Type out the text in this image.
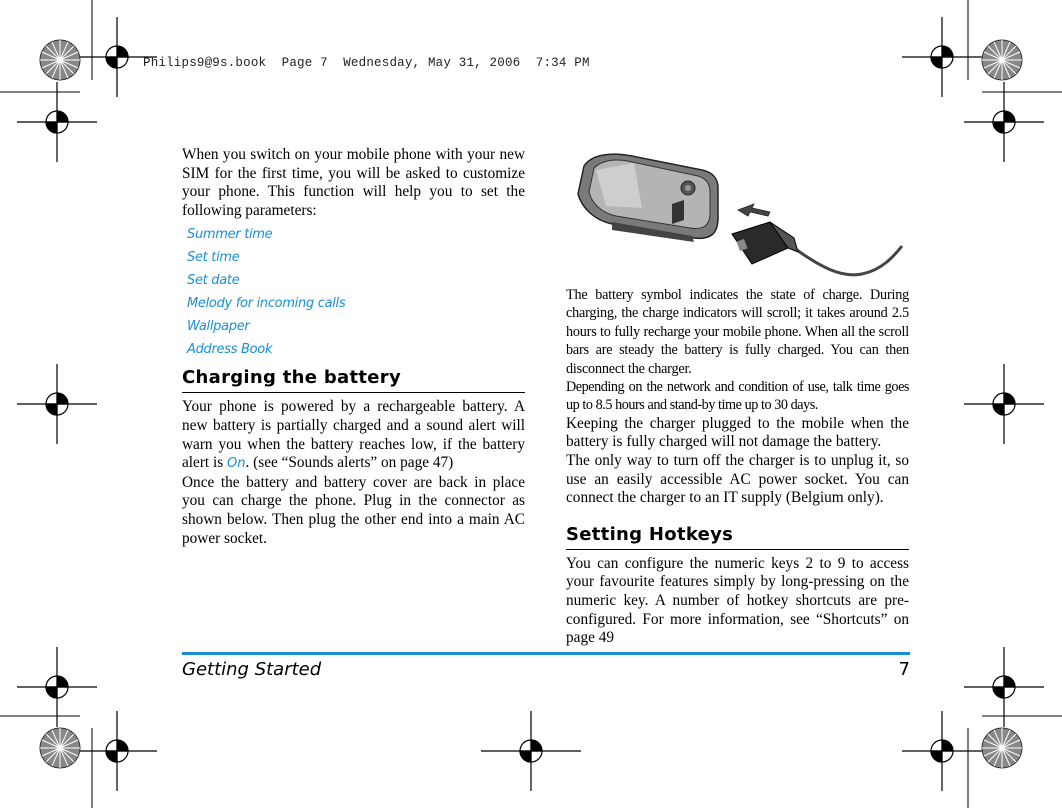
Philips9@9s.book  Page 7  Wednesday, May 31, 2006  7:34 PM

When you switch on your mobile phone with your new SIM for the first time, you will be asked to customize your phone. This function will help you to set the following parameters:

Summer time
Set time
Set date
Melody for incoming calls
Wallpaper
Address Book
Charging the battery

Your phone is powered by a rechargeable battery. A new battery is partially charged and a sound alert will warn you when the battery reaches low, if the battery alert is On. (see “Sounds alerts” on page 47)

Once the battery and battery cover are back in place you can charge the phone. Plug in the connector as shown below. Then plug the other end into a main AC power socket.

The battery symbol indicates the state of charge. During charging, the charge indicators will scroll; it takes around 2.5 hours to fully recharge your mobile phone. When all the scroll bars are steady the battery is fully charged. You can then disconnect the charger.

Depending on the network and condition of use, talk time goes up to 8.5 hours and stand-by time up to 30 days.

Keeping the charger plugged to the mobile when the battery is fully charged will not damage the battery.

The only way to turn off the charger is to unplug it, so use an easily accessible AC power socket. You can connect the charger to an IT supply (Belgium only).

Setting Hotkeys

You can configure the numeric keys 2 to 9 to access your favourite features simply by long-pressing on the numeric key. A number of hotkey shortcuts are pre-configured. For more information, see “Shortcuts” on page 49

Getting Started	7
